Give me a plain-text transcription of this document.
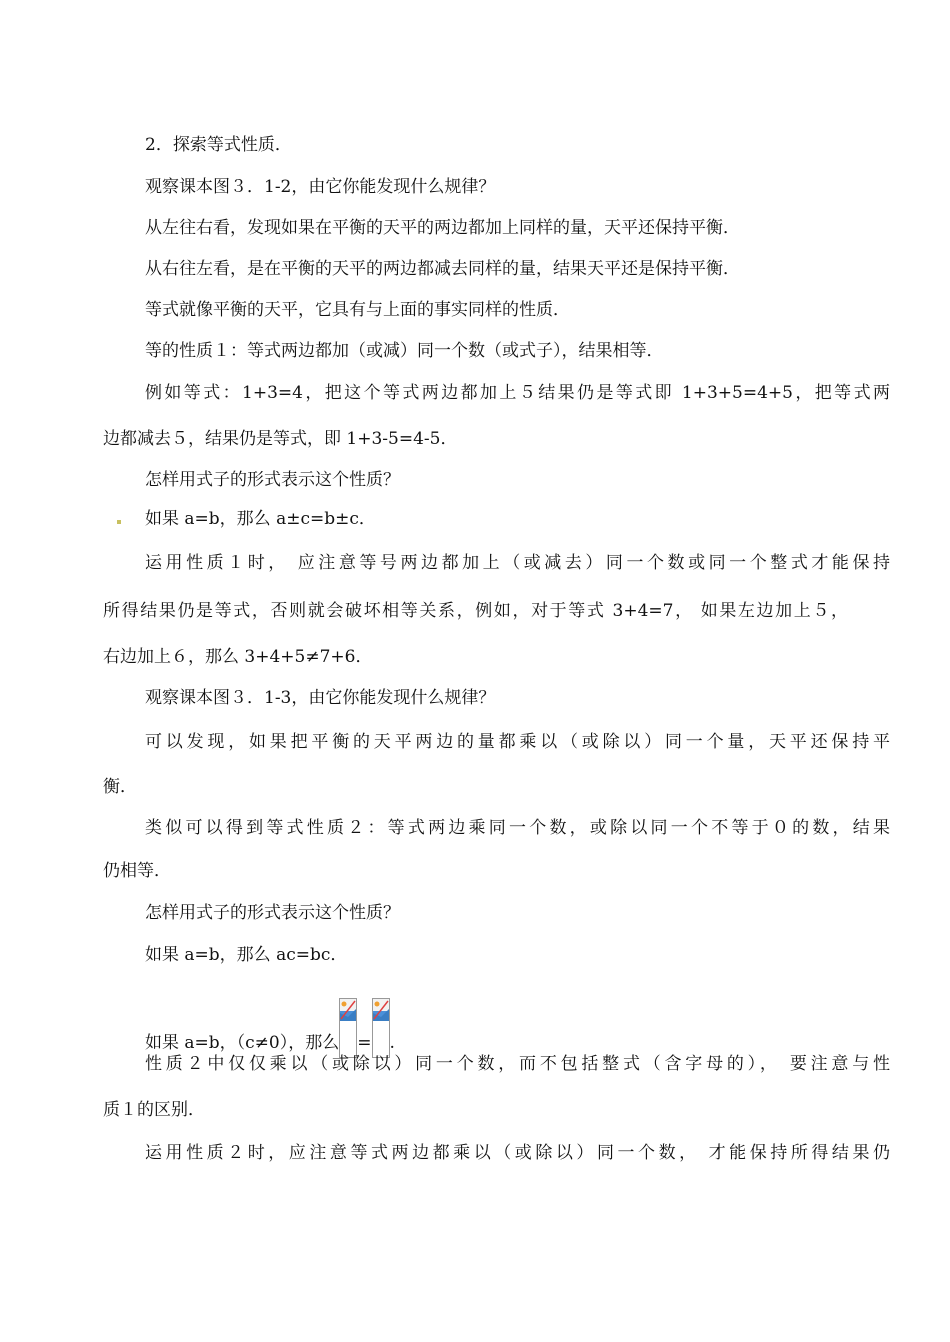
2．探索等式性质．
观察课本图３．1-2，由它你能发现什么规律？
从左往右看，发现如果在平衡的天平的两边都加上同样的量，天平还保持平衡．
从右往左看，是在平衡的天平的两边都减去同样的量，结果天平还是保持平衡．
等式就像平衡的天平，它具有与上面的事实同样的性质．
等的性质１：等式两边都加（或减）同一个数（或式子），结果相等．
例如等式：1+3=4，把这个等式两边都加上５结果仍是等式即 1+3+5=4+5，把等式两
边都减去５，结果仍是等式，即 1+3-5=4-5．
怎样用式子的形式表示这个性质？
如果 a=b，那么 a±c=b±c．
运用性质１时， 应注意等号两边都加上（或减去）同一个数或同一个整式才能保持
所得结果仍是等式，否则就会破坏相等关系，例如，对于等式 3+4=7， 如果左边加上５，
右边加上６，那么 3+4+5≠7+6．
观察课本图３．1-3，由它你能发现什么规律？
可以发现，如果把平衡的天平两边的量都乘以（或除以）同一个量，天平还保持平
衡．
类似可以得到等式性质２：等式两边乘同一个数，或除以同一个不等于０的数，结果
仍相等．
怎样用式子的形式表示这个性质？
如果 a=b，那么 ac=bc．
如果 a=b，（c≠0），那么 = .
性质２中仅仅乘以（或除以）同一个数，而不包括整式（含字母的）， 要注意与性
质１的区别．
运用性质２时，应注意等式两边都乘以（或除以）同一个数， 才能保持所得结果仍
